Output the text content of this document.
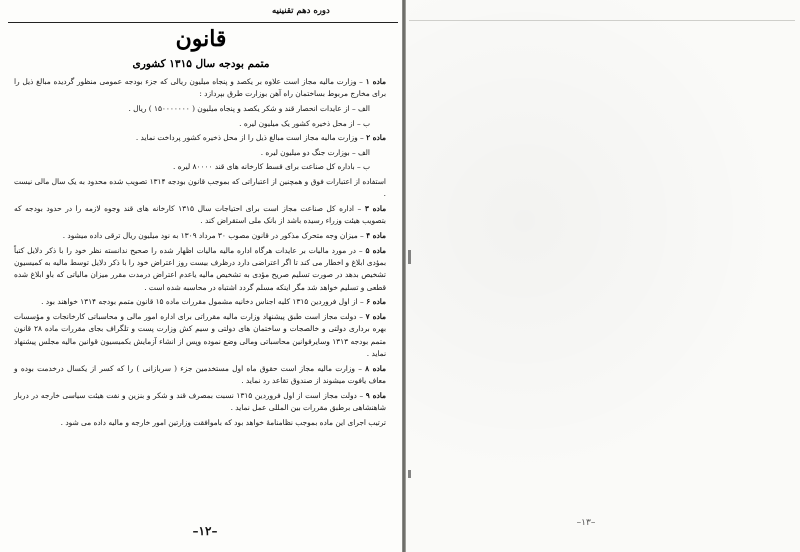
دوره دهم تقنینیه
قانون
متمم بودجه سال ۱۳۱۵ کشوری

ماده ۱ – وزارت مالیه مجاز است علاوه بر یکصد و پنجاه میلیون ریالی که جزء بودجه عمومی منظور گردیده مبالغ ذیل را برای مخارج مربوط بساختمان راه آهن بوزارت طرق بپردازد :

الف – از عایدات انحصار قند و شکر یکصد و پنجاه میلیون ( ۱۵۰۰۰۰۰۰۰ ) ریال .

ب – از محل ذخیره کشور یک میلیون لیره .

ماده ۲ – وزارت مالیه مجاز است مبالغ ذیل را از محل ذخیره کشور پرداخت نماید .

الف – بوزارت جنگ دو میلیون لیره .

ب – باداره کل صناعت برای قسط کارخانه های قند ۸۰۰۰۰ لیره .

استفاده از اعتبارات فوق و همچنین از اعتباراتی که بموجب قانون بودجه ۱۳۱۴ تصویب شده محدود به یک سال مالی نیست .

ماده ۳ – اداره کل صناعت مجاز است برای احتیاجات سال ۱۳۱۵ کارخانه های قند وجوه لازمه را در حدود بودجه که بتصویب هیئت وزراء رسیده باشد از بانک ملی استقراض کند .

ماده ۴ – میزان وجه متحرک مذکور در قانون مصوب ۳۰ مرداد ۱۳۰۹ به نود میلیون ریال ترقی داده میشود .

ماده ۵ – در مورد مالیات بر عایدات هرگاه اداره مالیه مالیات اظهار شده را صحیح ندانسته نظر خود را با ذکر دلایل کتباً بمؤدی ابلاغ و اخطار می کند تا اگر اعتراضی دارد درظرف بیست روز اعتراض خود را با ذکر دلایل توسط مالیه به کمیسیون تشخیص بدهد در صورت تسلیم صریح مؤدی به تشخیص مالیه یاعدم اعتراض درمدت مقرر میزان مالیاتی که باو ابلاغ شده قطعی و تسلیم خواهد شد مگر اینکه مسلم گردد اشتباه در محاسبه شده است .

ماده ۶ – از اول فروردین ۱۳۱۵ کلیه اجناس دخانیه مشمول مقررات ماده ۱۵ قانون متمم بودجه ۱۳۱۴ خواهند بود .

ماده ۷ – دولت مجاز است طبق پیشنهاد وزارت مالیه مقرراتی برای اداره امور مالی و محاسباتی کارخانجات و مؤسسات بهره برداری دولتی و خالصجات و ساختمان های دولتی و سیم کش وزارت پست و تلگراف بجای مقررات ماده ۲۸ قانون متمم بودجه ۱۳۱۳ وسایرقوانین محاسباتی ومالی وضع نموده وپس از انشاء آزمایش بکمیسیون قوانین مالیه مجلس پیشنهاد نماید .

ماده ۸ – وزارت مالیه مجاز است حقوق ماه اول مستخدمین جزء ( سربازانی ) را که کسر از یکسال درخدمت بوده و معاف یافوت میشوند از صندوق تقاعد رد نماید .

ماده ۹ – دولت مجاز است از اول فروردین ۱۳۱۵ نسبت بمصرف قند و شکر و بنزین و نفت هیئت سیاسی خارجه در دربار شاهنشاهی برطبق مقررات بین المللی عمل نماید .

ترتیب اجرای این ماده بموجب نظامنامهٔ خواهد بود که باموافقت وزارتین امور خارجه و مالیه داده می شود .

–۱۲–
–۱۳–
